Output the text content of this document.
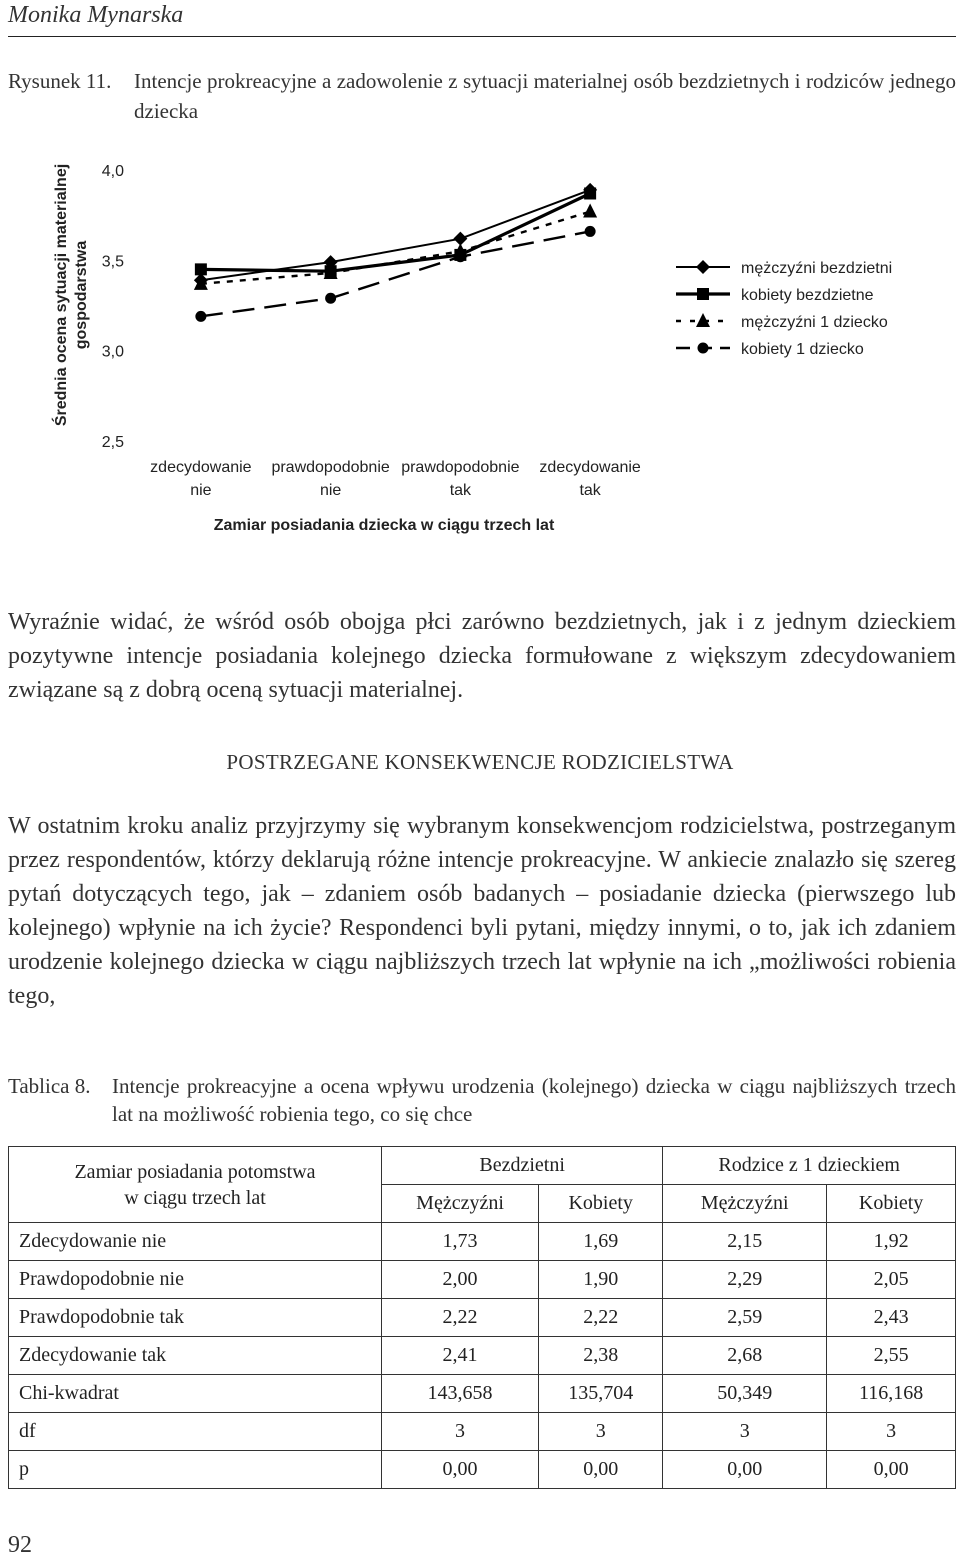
Monika Mynarska
Rysunek 11. Intencje prokreacyjne a zadowolenie z sytuacji materialnej osób bezdzietnych i rodziców jednego dziecka
Średnia ocena sytuacji materialnej gospodarstwa
4,0
3,5
3,0
2,5
zdecydowanie
nie
prawdopodobnie
nie
prawdopodobnie
tak
zdecydowanie
tak
mężczyźni bezdzietni
kobiety bezdzietne
mężczyźni 1 dziecko
kobiety 1 dziecko
Zamiar posiadania dziecka w ciągu trzech lat
Wyraźnie widać, że wśród osób obojga płci zarówno bezdzietnych, jak i z jednym dzieckiem pozytywne intencje posiadania kolejnego dziecka formułowane z większym zdecydowaniem związane są z dobrą oceną sytuacji materialnej.
POSTRZEGANE KONSEKWENCJE RODZICIELSTWA
W ostatnim kroku analiz przyjrzymy się wybranym konsekwencjom rodzicielstwa, postrzeganym przez respondentów, którzy deklarują różne intencje prokreacyjne. W ankiecie znalazło się szereg pytań dotyczących tego, jak – zdaniem osób badanych – posiadanie dziecka (pierwszego lub kolejnego) wpłynie na ich życie? Respondenci byli pytani, między innymi, o to, jak ich zdaniem urodzenie kolejnego dziecka w ciągu najbliższych trzech lat wpłynie na ich „możliwości robienia tego,
Tablica 8. Intencje prokreacyjne a ocena wpływu urodzenia (kolejnego) dziecka w ciągu najbliższych trzech lat na możliwość robienia tego, co się chce
Zamiar posiadania potomstwa
w ciągu trzech lat	Bezdzietni		Rodzice z 1 dzieckiem	
	Mężczyźni	Kobiety	Mężczyźni	Kobiety
Zdecydowanie nie	1,73	1,69	2,15	1,92
Prawdopodobnie nie	2,00	1,90	2,29	2,05
Prawdopodobnie tak	2,22	2,22	2,59	2,43
Zdecydowanie tak	2,41	2,38	2,68	2,55
Chi-kwadrat	143,658	135,704	50,349	116,168
df	3	3	3	3
p	0,00	0,00	0,00	0,00
92
